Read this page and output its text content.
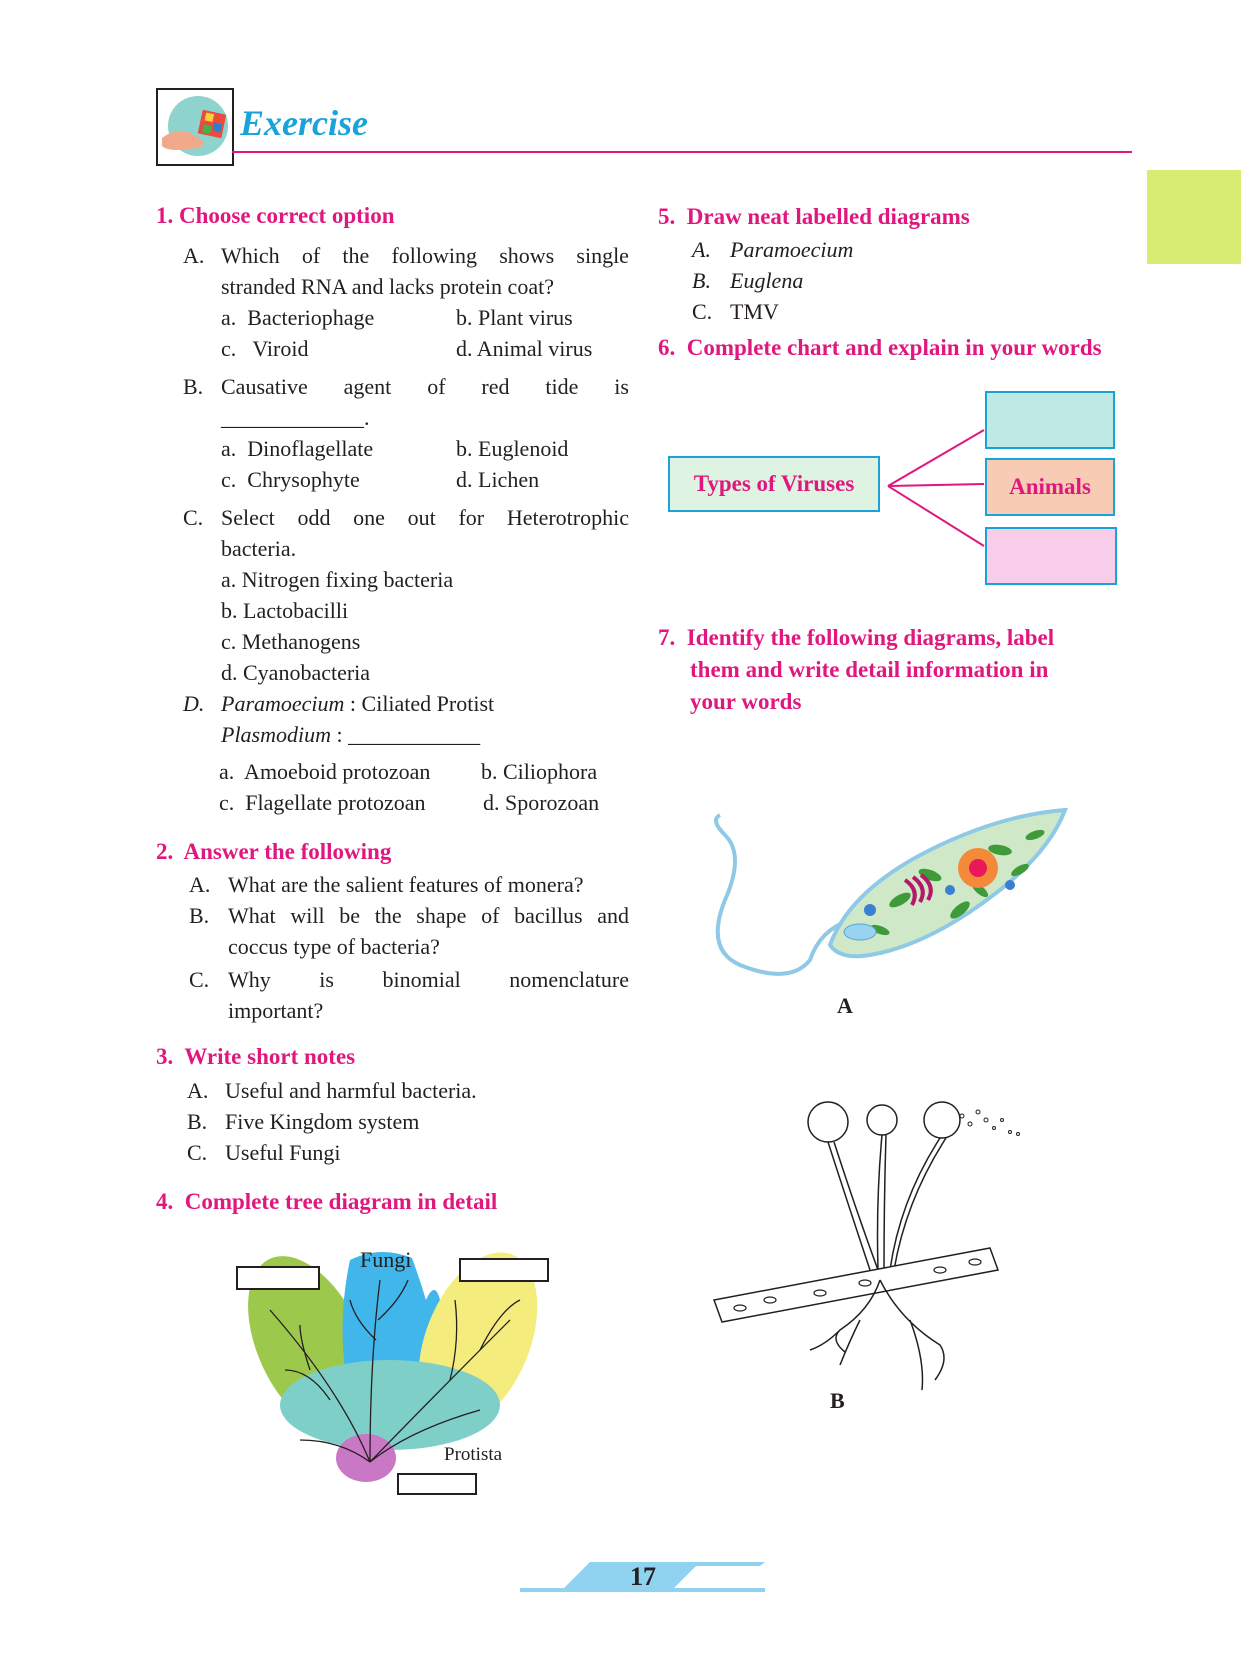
Exercise
1. Choose correct option
A. Which of the following shows single
stranded RNA and lacks protein coat?
a.  Bacteriophage	b. Plant virus
c.   Viroid	d. Animal virus
B. Causative agent of red tide is
_____________.
a.  Dinoflagellate	b. Euglenoid
c.  Chrysophyte	d. Lichen
C. Select odd one out for Heterotrophic
bacteria.
a. Nitrogen fixing bacteria
b. Lactobacilli
c. Methanogens
d. Cyanobacteria
D. Paramoecium : Ciliated Protist
Plasmodium : ____________
a.  Amoeboid protozoan b. Ciliophora
c.  Flagellate protozoan	d. Sporozoan
2.  Answer the following
A. What are the salient features of monera?
B. What will be the shape of bacillus and
coccus type of bacteria?
C. Why is binomial nomenclature
important?
3.  Write short notes
A. Useful and harmful bacteria.
B. Five Kingdom system
C. Useful Fungi
4.  Complete tree diagram in detail
Fungi
Protista
5.  Draw neat labelled diagrams
A. Paramoecium
B. Euglena
C. TMV
6.  Complete chart and explain in your words
Types of Viruses	Animals
7.  Identify the following diagrams, label
them and write detail information in
your words
A
B
17
